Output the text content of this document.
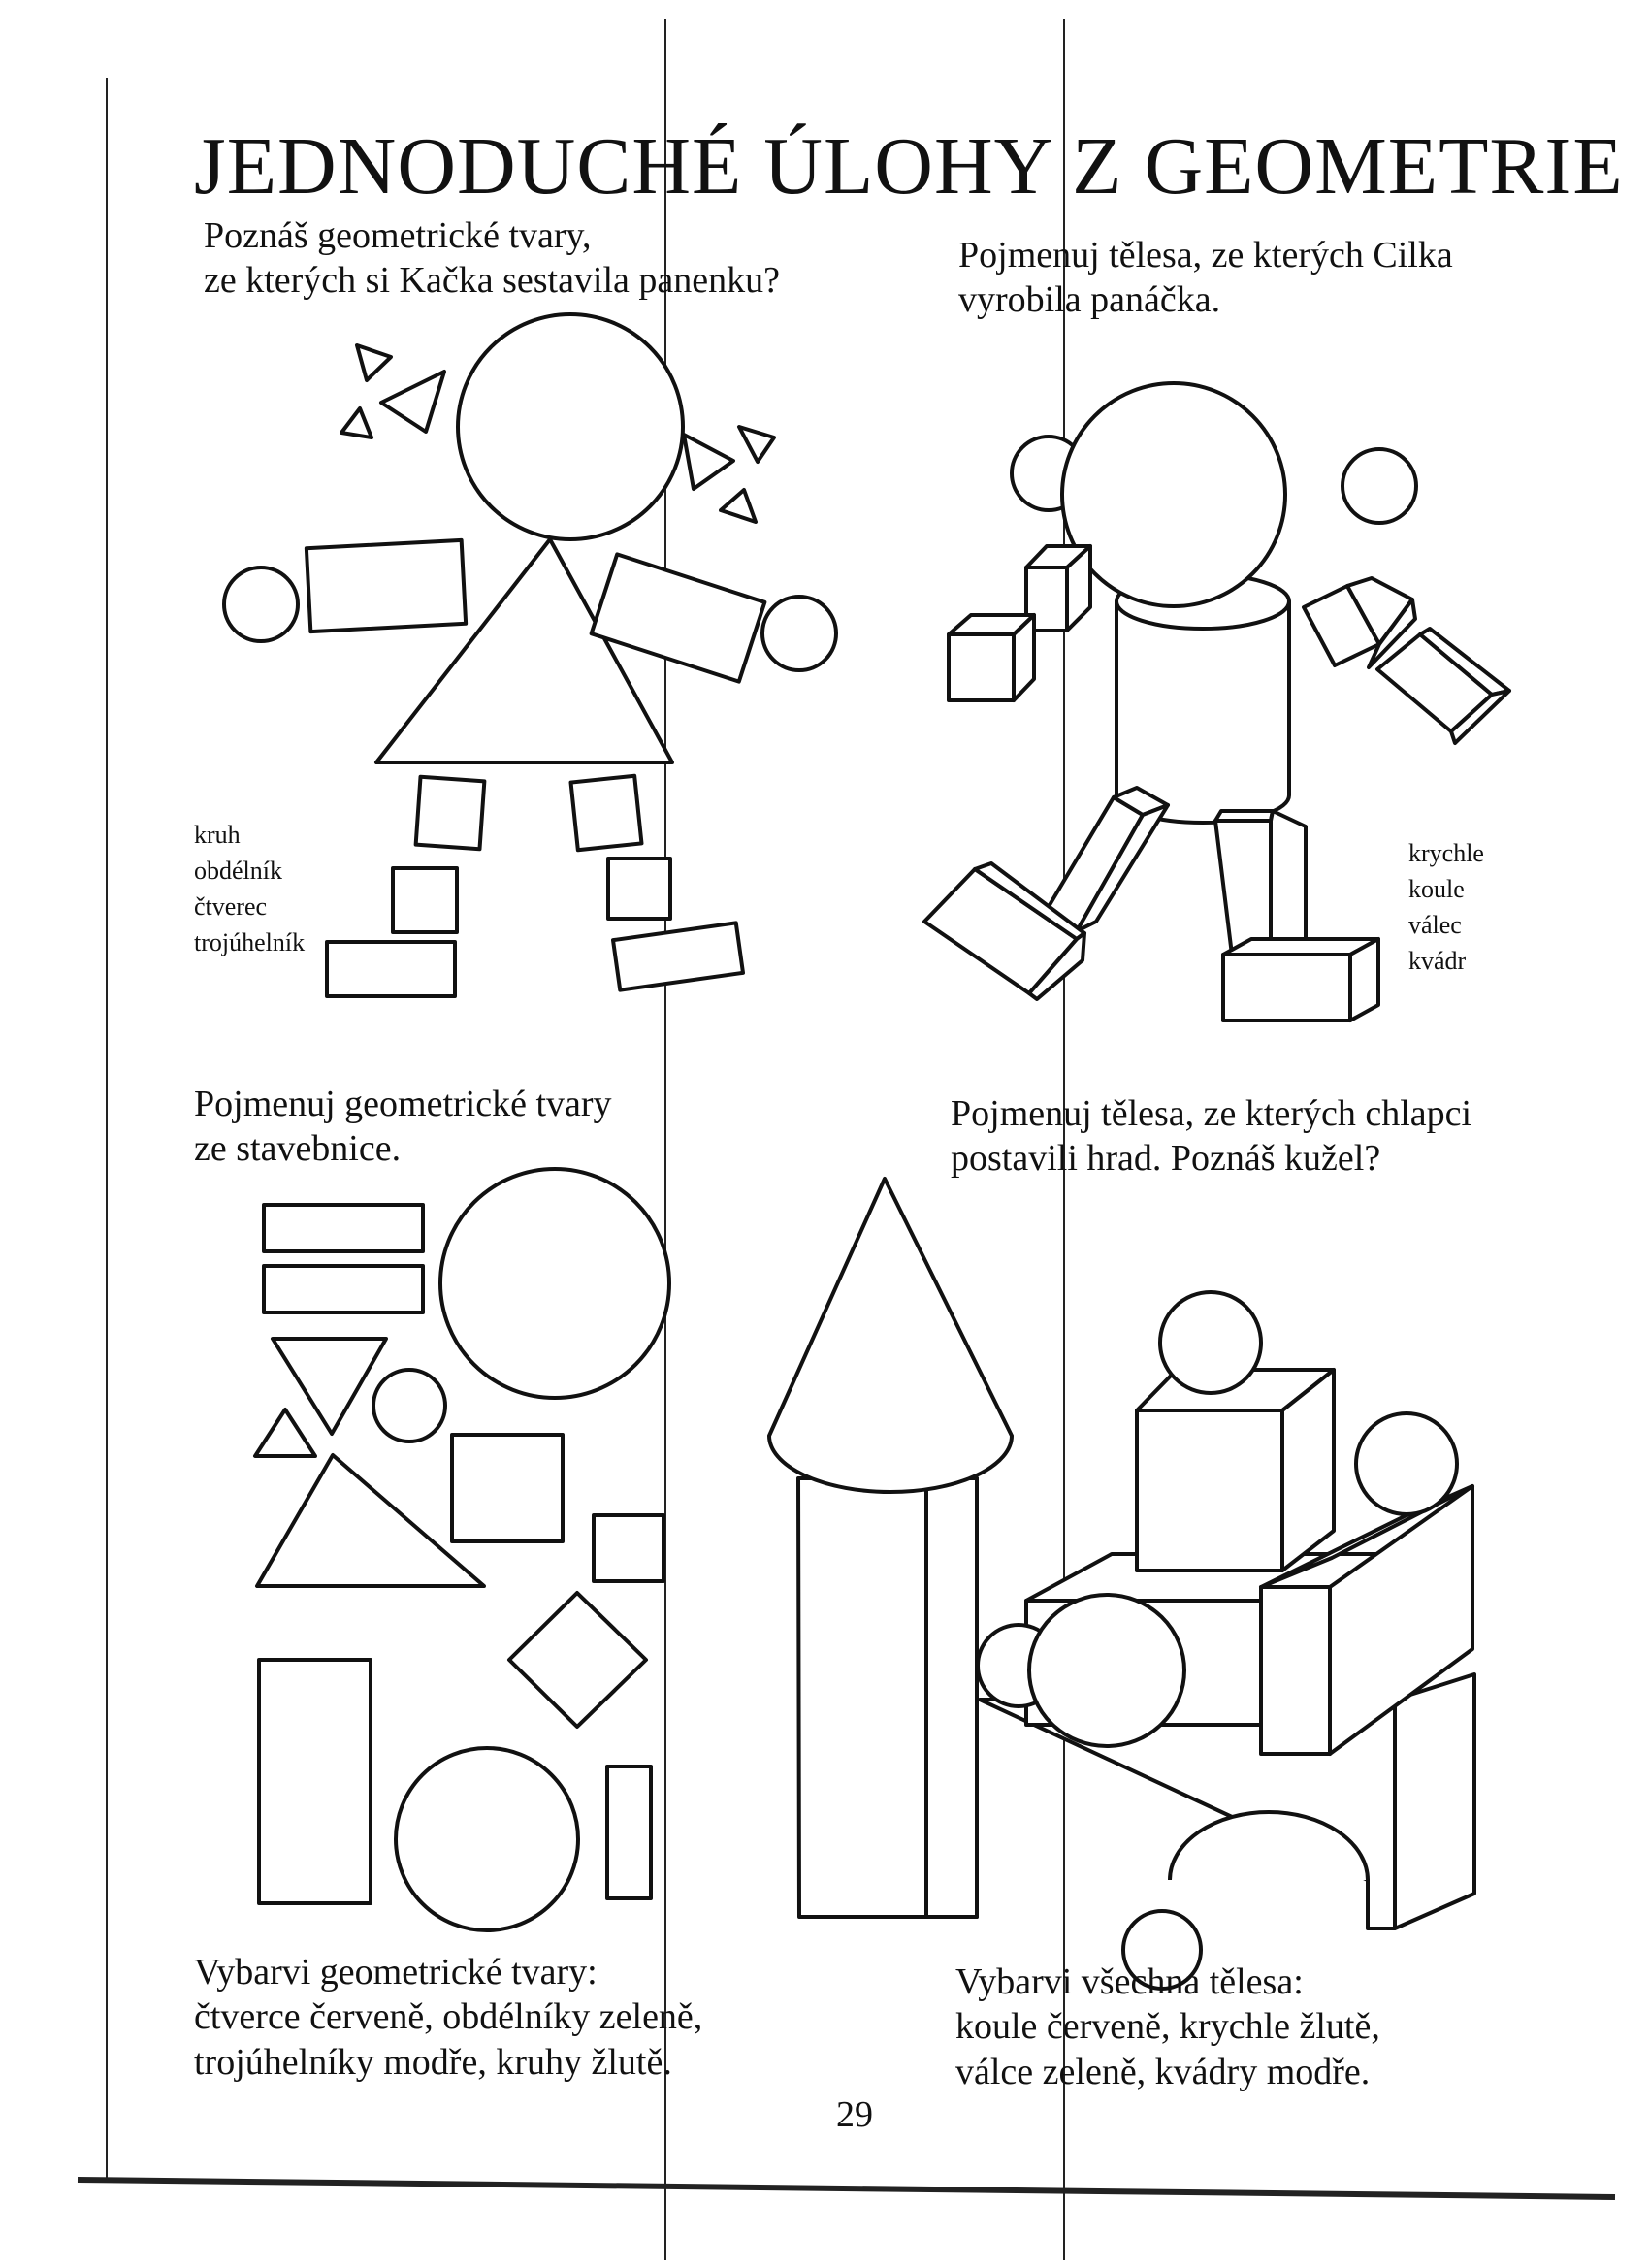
JEDNODUCHÉ ÚLOHY Z GEOMETRIE
Poznáš geometrické tvary,
ze kterých si Kačka sestavila panenku?
kruh
obdélník
čtverec
trojúhelník
Pojmenuj tělesa, ze kterých Cilka
vyrobila panáčka.
krychle
koule
válec
kvádr
Pojmenuj geometrické tvary
ze stavebnice.
Pojmenuj tělesa, ze kterých chlapci
postavili hrad. Poznáš kužel?
Vybarvi geometrické tvary:
čtverce červeně, obdélníky zeleně,
trojúhelníky modře, kruhy žlutě.
Vybarvi všechna tělesa:
koule červeně, krychle žlutě,
válce zeleně, kvádry modře.
29
